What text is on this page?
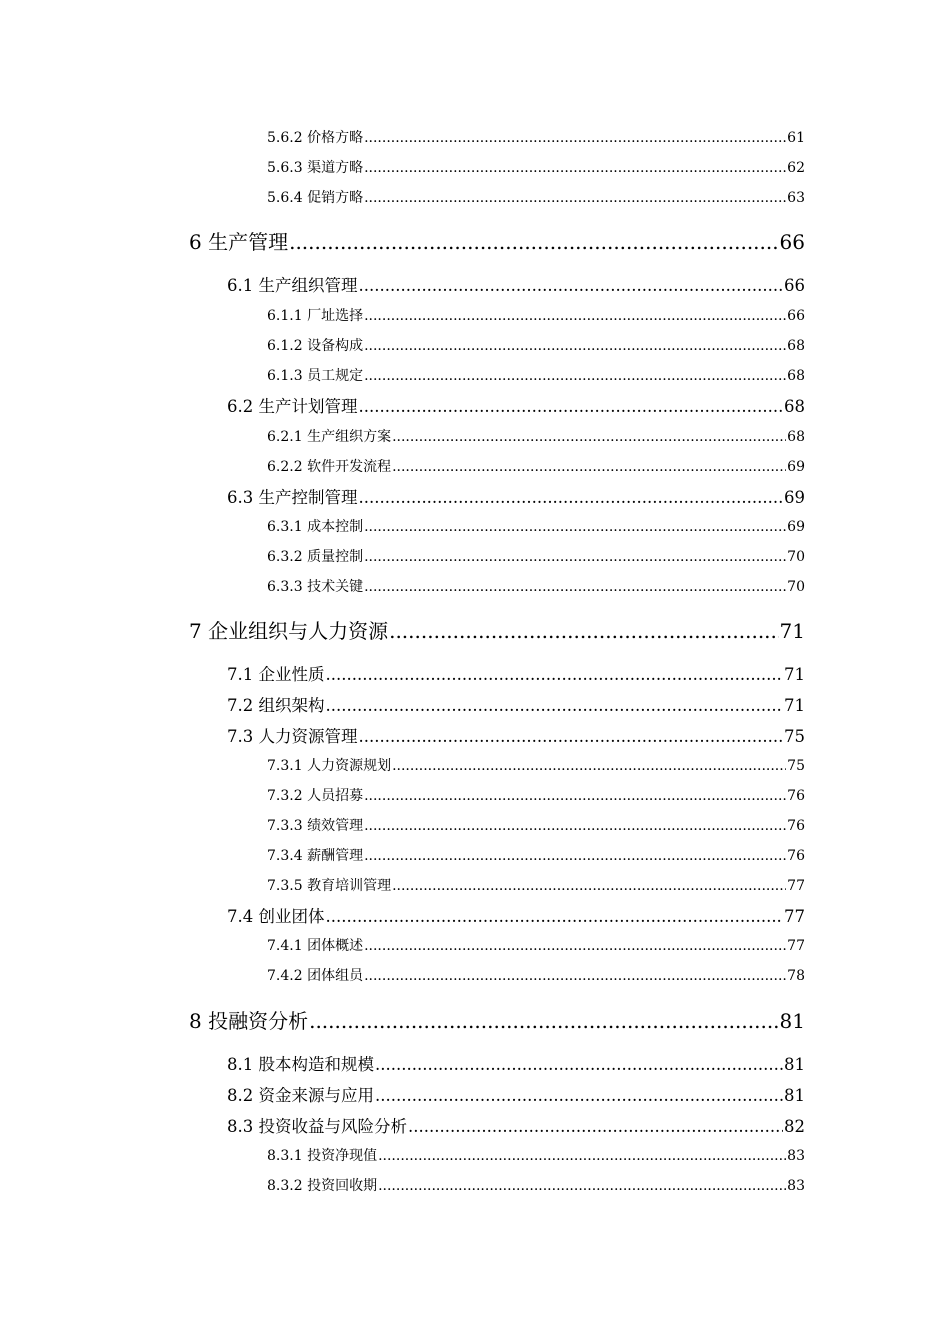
5.6.2 价格方略 .....	61
5.6.3 渠道方略 .....	62
5.6.4 促销方略 .....	63
6 生产管理 .....	66
6.1 生产组织管理 .....	66
6.1.1 厂址选择 .....	66
6.1.2 设备构成 .....	68
6.1.3 员工规定 .....	68
6.2 生产计划管理 .....	68
6.2.1 生产组织方案 .....	68
6.2.2 软件开发流程 .....	69
6.3 生产控制管理 .....	69
6.3.1 成本控制 .....	69
6.3.2 质量控制 .....	70
6.3.3 技术关键 .....	70
7 企业组织与人力资源 .....	71
7.1 企业性质 .....	71
7.2 组织架构 .....	71
7.3 人力资源管理 .....	75
7.3.1 人力资源规划 .....	75
7.3.2 人员招募 .....	76
7.3.3 绩效管理 .....	76
7.3.4 薪酬管理 .....	76
7.3.5 教育培训管理 .....	77
7.4 创业团体 .....	77
7.4.1 团体概述 .....	77
7.4.2 团体组员 .....	78
8 投融资分析 .....	81
8.1 股本构造和规模 .....	81
8.2 资金来源与应用 .....	81
8.3 投资收益与风险分析 .....	82
8.3.1 投资净现值 .....	83
8.3.2 投资回收期 .....	83
